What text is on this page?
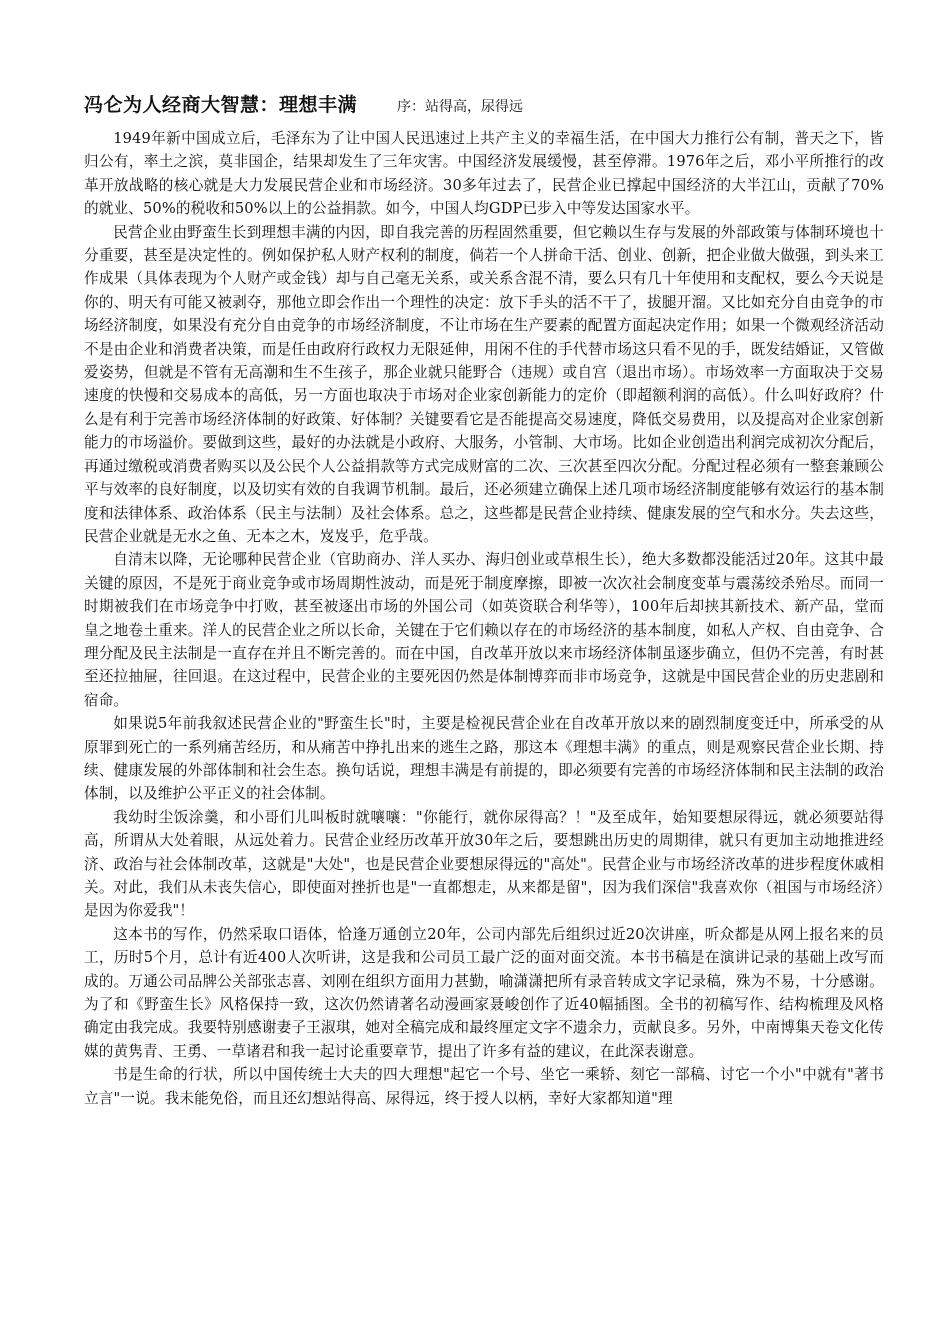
冯仑为人经商大智慧：理想丰满	序：站得高，尿得远

1949年新中国成立后，毛泽东为了让中国人民迅速过上共产主义的幸福生活，在中国大力推行公有制，普天之下，皆归公有，率土之滨，莫非国企，结果却发生了三年灾害。中国经济发展缓慢，甚至停滞。1976年之后，邓小平所推行的改革开放战略的核心就是大力发展民营企业和市场经济。30多年过去了，民营企业已撑起中国经济的大半江山，贡献了70%的就业、50%的税收和50%以上的公益捐款。如今，中国人均GDP已步入中等发达国家水平。

民营企业由野蛮生长到理想丰满的内因，即自我完善的历程固然重要，但它赖以生存与发展的外部政策与体制环境也十分重要，甚至是决定性的。例如保护私人财产权利的制度，倘若一个人拼命干活、创业、创新，把企业做大做强，到头来工作成果（具体表现为个人财产或金钱）却与自己毫无关系，或关系含混不清，要么只有几十年使用和支配权，要么今天说是你的、明天有可能又被剥夺，那他立即会作出一个理性的决定：放下手头的活不干了，拔腿开溜。又比如充分自由竞争的市场经济制度，如果没有充分自由竞争的市场经济制度，不让市场在生产要素的配置方面起决定作用；如果一个微观经济活动不是由企业和消费者决策，而是任由政府行政权力无限延伸，用闲不住的手代替市场这只看不见的手，既发结婚证，又管做爱姿势，但就是不管有无高潮和生不生孩子，那企业就只能野合（违规）或自宫（退出市场）。市场效率一方面取决于交易速度的快慢和交易成本的高低，另一方面也取决于市场对企业家创新能力的定价（即超额利润的高低）。什么叫好政府？什么是有利于完善市场经济体制的好政策、好体制？关键要看它是否能提高交易速度，降低交易费用，以及提高对企业家创新能力的市场溢价。要做到这些，最好的办法就是小政府、大服务，小管制、大市场。比如企业创造出利润完成初次分配后，再通过缴税或消费者购买以及公民个人公益捐款等方式完成财富的二次、三次甚至四次分配。分配过程必须有一整套兼顾公平与效率的良好制度，以及切实有效的自我调节机制。最后，还必须建立确保上述几项市场经济制度能够有效运行的基本制度和法律体系、政治体系（民主与法制）及社会体系。总之，这些都是民营企业持续、健康发展的空气和水分。失去这些，民营企业就是无水之鱼、无本之木，岌岌乎，危乎哉。

自清末以降，无论哪种民营企业（官助商办、洋人买办、海归创业或草根生长），绝大多数都没能活过20年。这其中最关键的原因，不是死于商业竞争或市场周期性波动，而是死于制度摩擦，即被一次次社会制度变革与震荡绞杀殆尽。而同一时期被我们在市场竞争中打败，甚至被逐出市场的外国公司（如英资联合利华等），100年后却挟其新技术、新产品，堂而皇之地卷土重来。洋人的民营企业之所以长命，关键在于它们赖以存在的市场经济的基本制度，如私人产权、自由竞争、合理分配及民主法制是一直存在并且不断完善的。而在中国，自改革开放以来市场经济体制虽逐步确立，但仍不完善，有时甚至还拉抽屉，往回退。在这过程中，民营企业的主要死因仍然是体制博弈而非市场竞争，这就是中国民营企业的历史悲剧和宿命。

如果说5年前我叙述民营企业的"野蛮生长"时，主要是检视民营企业在自改革开放以来的剧烈制度变迁中，所承受的从原罪到死亡的一系列痛苦经历，和从痛苦中挣扎出来的逃生之路，那这本《理想丰满》的重点，则是观察民营企业长期、持续、健康发展的外部体制和社会生态。换句话说，理想丰满是有前提的，即必须要有完善的市场经济体制和民主法制的政治体制，以及维护公平正义的社会体制。

我幼时尘饭涂羹，和小哥们儿叫板时就嚷嚷："你能行，就你尿得高？！"及至成年，始知要想尿得远，就必须要站得高，所谓从大处着眼，从远处着力。民营企业经历改革开放30年之后，要想跳出历史的周期律，就只有更加主动地推进经济、政治与社会体制改革，这就是"大处"，也是民营企业要想尿得远的"高处"。民营企业与市场经济改革的进步程度休戚相关。对此，我们从未丧失信心，即使面对挫折也是"一直都想走，从来都是留"，因为我们深信"我喜欢你（祖国与市场经济）是因为你爱我"！

这本书的写作，仍然采取口语体，恰逢万通创立20年，公司内部先后组织过近20次讲座，听众都是从网上报名来的员工，历时5个月，总计有近400人次听讲，这是我和公司员工最广泛的面对面交流。本书书稿是在演讲记录的基础上改写而成的。万通公司品牌公关部张志喜、刘刚在组织方面用力甚勤，喻潇潇把所有录音转成文字记录稿，殊为不易，十分感谢。为了和《野蛮生长》风格保持一致，这次仍然请著名动漫画家聂峻创作了近40幅插图。全书的初稿写作、结构梳理及风格确定由我完成。我要特别感谢妻子王淑琪，她对全稿完成和最终厘定文字不遗余力，贡献良多。另外，中南博集天卷文化传媒的黄隽青、王勇、一草诸君和我一起讨论重要章节，提出了许多有益的建议，在此深表谢意。

书是生命的行状，所以中国传统士大夫的四大理想"起它一个号、坐它一乘轿、刻它一部稿、讨它一个小"中就有"著书立言"一说。我未能免俗，而且还幻想站得高、尿得远，终于授人以柄，幸好大家都知道"理
